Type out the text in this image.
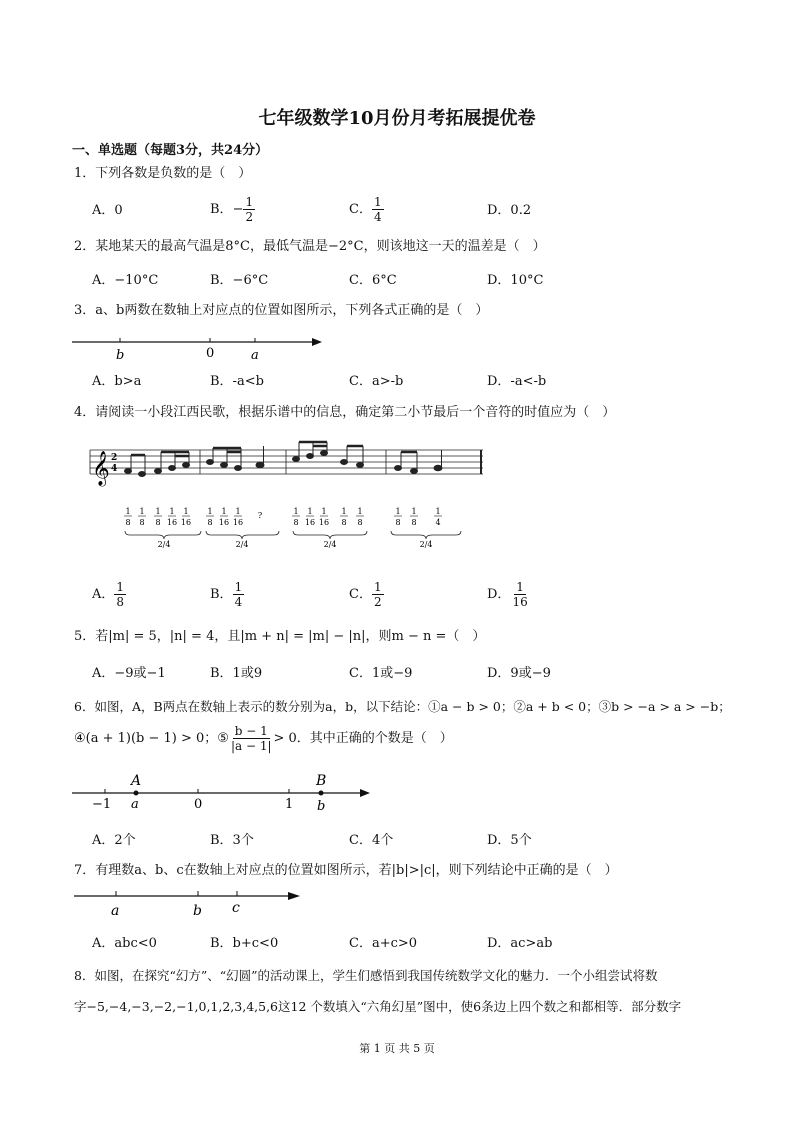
七年级数学10月份月考拓展提优卷
一、单选题（每题3分，共24分）
1．下列各数是负数的是（　）
A．0	B． − $\frac{1}{2}$	C． $\frac{1}{4}$	D．0.2
2．某地某天的最高气温是8°C，最低气温是−2°C，则该地这一天的温差是（　）
A．−10°C	B．−6°C	C．6°C	D．10°C
3．a、b两数在数轴上对应点的位置如图所示，下列各式正确的是（　）
b	0	a
A．b>a	B．-a<b	C．a>-b	D．-a<-b
4．请阅读一小段江西民歌，根据乐谱中的信息，确定第二小节最后一个音符的时值应为（　）
𝄞 2
4
1
8
1
8
1
8
1
16
1
16
1
8
1
16
1
16
?	1
8
1
16
1
16
1
8
1
8
1
8
1
8
1
4
2/4	2/4	2/4	2/4
A． $\frac{1}{8}$	B． $\frac{1}{4}$	C． $\frac{1}{2}$	D． $\frac{1}{16}$
5．若|m| = 5，|n| = 4，且|m + n| = |m| − |n|，则m − n =（　）
A．−9或−1	B．1或9	C．1或−9	D．9或−9
6．如图，A，B两点在数轴上表示的数分别为a，b，以下结论：①a − b > 0；②a + b < 0；③b > −a > a > −b；
④(a + 1)(b − 1) > 0；⑤ $\frac{b - 1}{|a - 1|} > 0$．其中正确的个数是（　）
A	B
−1 a	0	1 b
A．2个	B．3个	C．4个	D．5个
7．有理数a、b、c在数轴上对应点的位置如图所示，若|b|>|c|，则下列结论中正确的是（　）
a	b c
A．abc<0	B．b+c<0	C．a+c>0	D．ac>ab
8．如图，在探究“幻方”、“幻圆”的活动课上，学生们感悟到我国传统数学文化的魅力．一个小组尝试将数
字−5,−4,−3,−2,−1,0,1,2,3,4,5,6这12 个数填入“六角幻星”图中，使6条边上四个数之和都相等．部分数字
第 1 页 共 5 页
